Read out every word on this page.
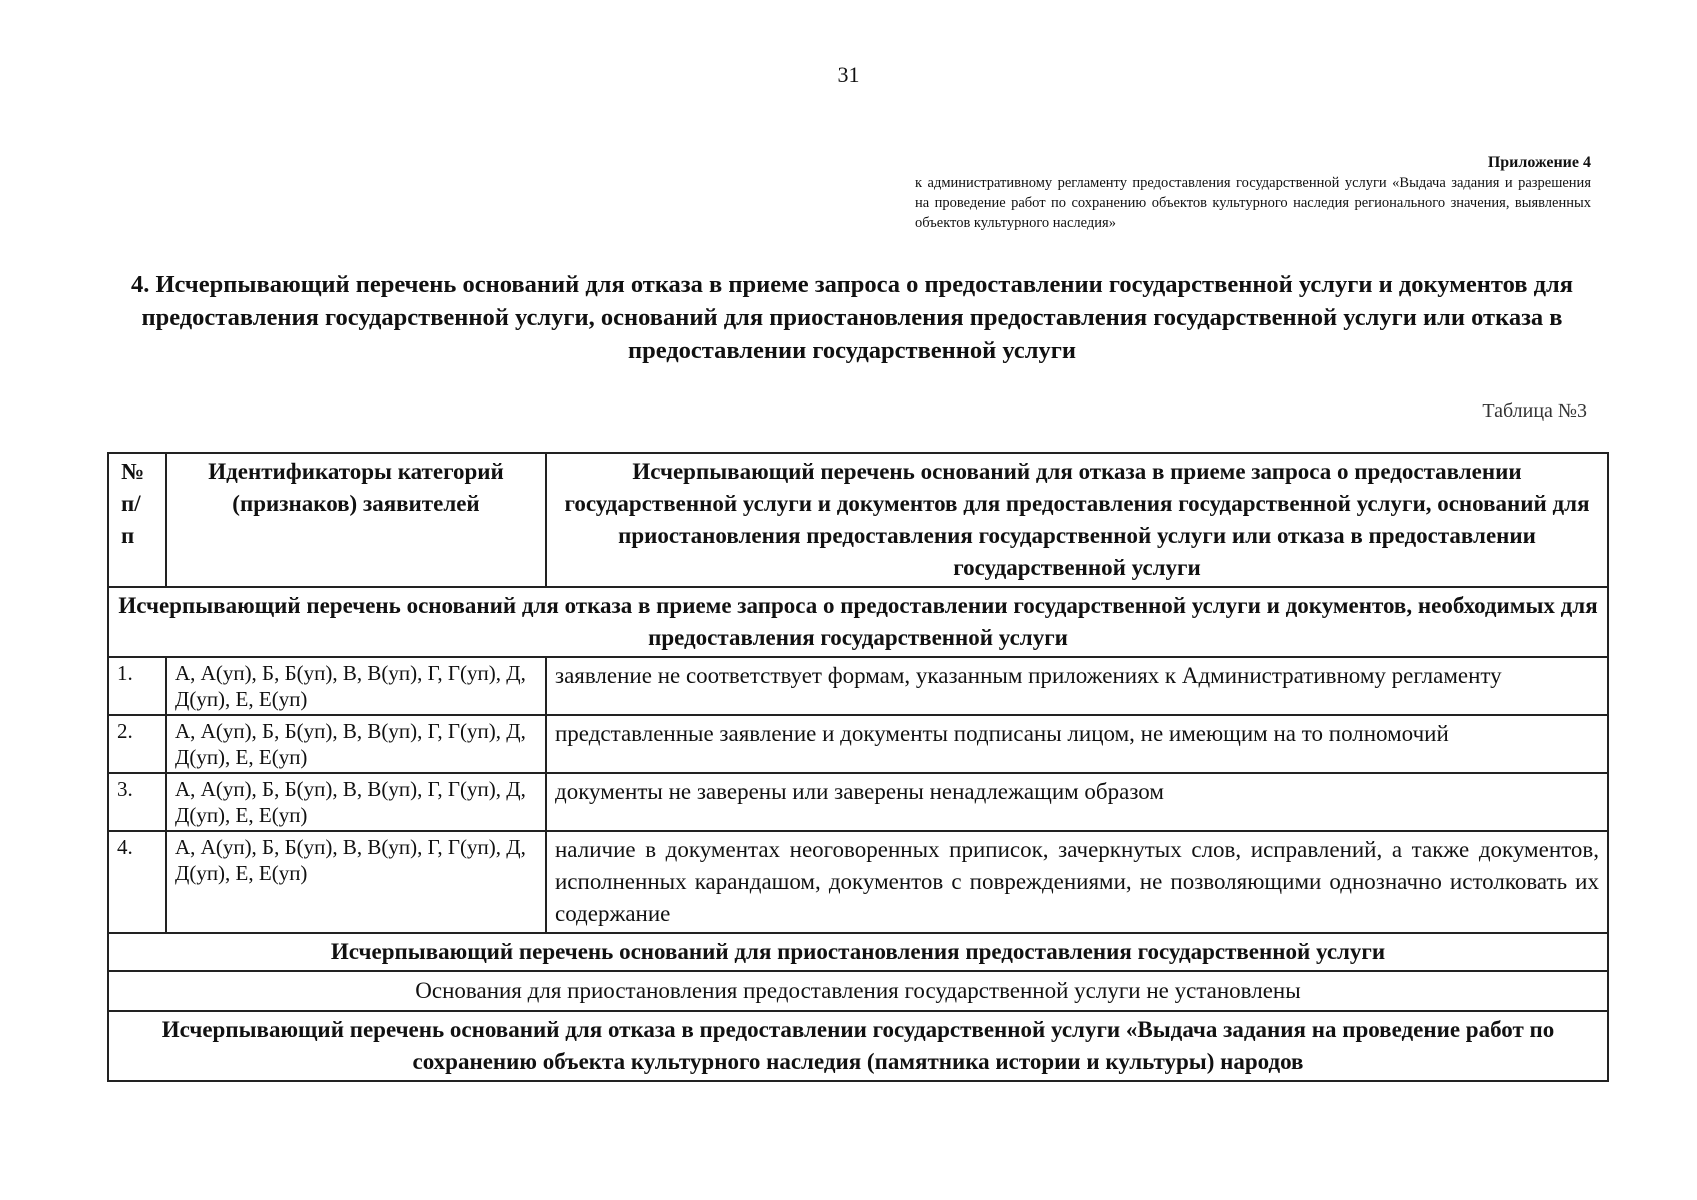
31
Приложение 4
к административному регламенту предоставления государственной услуги «Выдача задания и разрешения на проведение работ по сохранению объектов культурного наследия регионального значения, выявленных объектов культурного наследия»
4. Исчерпывающий перечень оснований для отказа в приеме запроса о предоставлении государственной услуги и документов для предоставления государственной услуги, оснований для приостановления предоставления государственной услуги или отказа в предоставлении государственной услуги
Таблица №3
№ п/ п	Идентификаторы категорий (признаков) заявителей	Исчерпывающий перечень оснований для отказа в приеме запроса о предоставлении государственной услуги и документов для предоставления государственной услуги, оснований для приостановления предоставления государственной услуги или отказа в предоставлении государственной услуги
Исчерпывающий перечень оснований для отказа в приеме запроса о предоставлении государственной услуги и документов, необходимых для предоставления государственной услуги		
1.	А, А(уп), Б, Б(уп), В, В(уп), Г, Г(уп), Д, Д(уп), Е, Е(уп)	заявление не соответствует формам, указанным приложениях к Административному регламенту
2.	А, А(уп), Б, Б(уп), В, В(уп), Г, Г(уп), Д, Д(уп), Е, Е(уп)	представленные заявление и документы подписаны лицом, не имеющим на то полномочий
3.	А, А(уп), Б, Б(уп), В, В(уп), Г, Г(уп), Д, Д(уп), Е, Е(уп)	документы не заверены или заверены ненадлежащим образом
4.	А, А(уп), Б, Б(уп), В, В(уп), Г, Г(уп), Д, Д(уп), Е, Е(уп)	наличие в документах неоговоренных приписок, зачеркнутых слов, исправлений, а также документов, исполненных карандашом, документов с повреждениями, не позволяющими однозначно истолковать их содержание
Исчерпывающий перечень оснований для приостановления предоставления государственной услуги		
Основания для приостановления предоставления государственной услуги не установлены		
Исчерпывающий перечень оснований для отказа в предоставлении государственной услуги «Выдача задания на проведение работ по сохранению объекта культурного наследия (памятника истории и культуры) народов		
